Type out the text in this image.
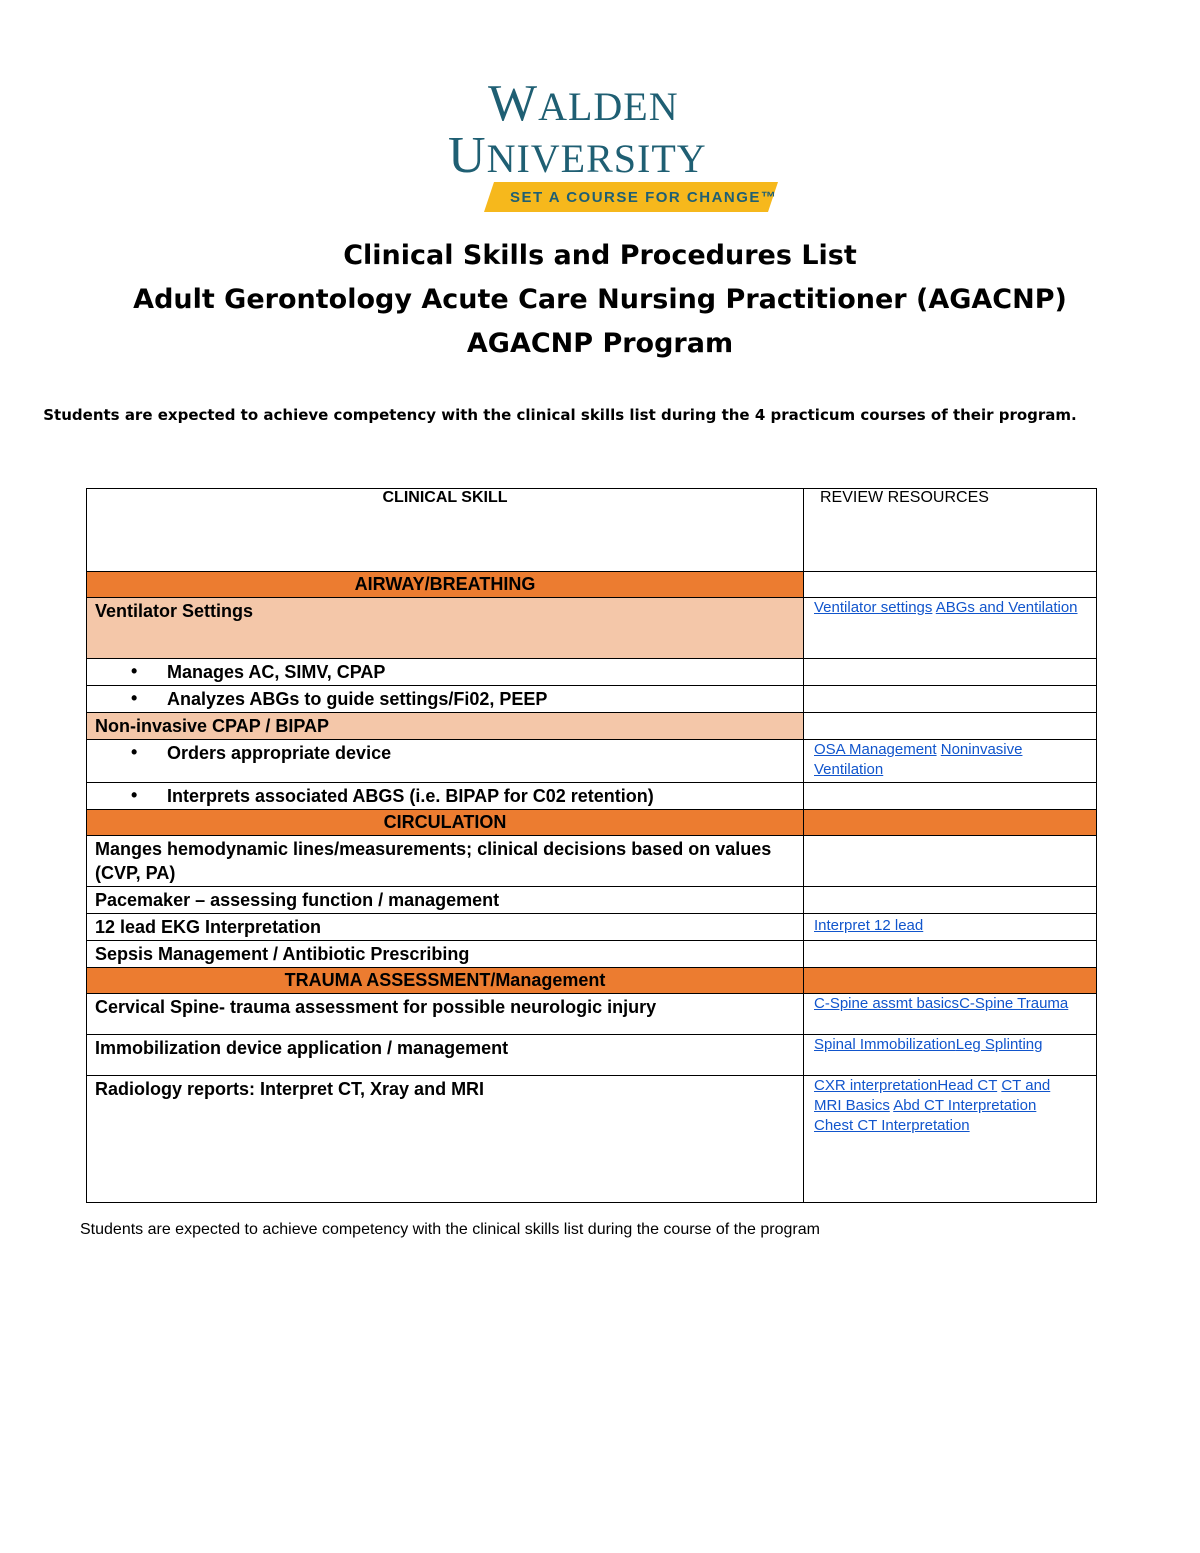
WALDEN
UNIVERSITY
SET A COURSE FOR CHANGE™
Clinical Skills and Procedures List
Adult Gerontology Acute Care Nursing Practitioner (AGACNP)
AGACNP Program
Students are expected to achieve competency with the clinical skills list during the 4 practicum courses of their program.
CLINICAL SKILL	REVIEW RESOURCES
AIRWAY/BREATHING	

Ventilator Settings	Ventilator settings ABGs and Ventilation

• Manages AC, SIMV, CPAP

• Analyzes ABGs to guide settings/Fi02, PEEP

Non-invasive CPAP / BIPAP	

• Orders appropriate device	OSA Management Noninvasive Ventilation

• Interprets associated ABGS (i.e. BIPAP for C02 retention)

CIRCULATION	

Manges hemodynamic lines/measurements; clinical decisions based on values (CVP, PA)	

Pacemaker – assessing function / management	

12 lead EKG Interpretation	Interpret 12 lead

Sepsis Management / Antibiotic Prescribing	

TRAUMA ASSESSMENT/Management	

Cervical Spine- trauma assessment for possible neurologic injury	C-Spine assmt basicsC-Spine Trauma

Immobilization device application / management	Spinal ImmobilizationLeg Splinting

Radiology reports: Interpret CT, Xray and MRI	CXR interpretationHead CT CT and MRI Basics Abd CT Interpretation Chest CT Interpretation
Students are expected to achieve competency with the clinical skills list during the course of the program
